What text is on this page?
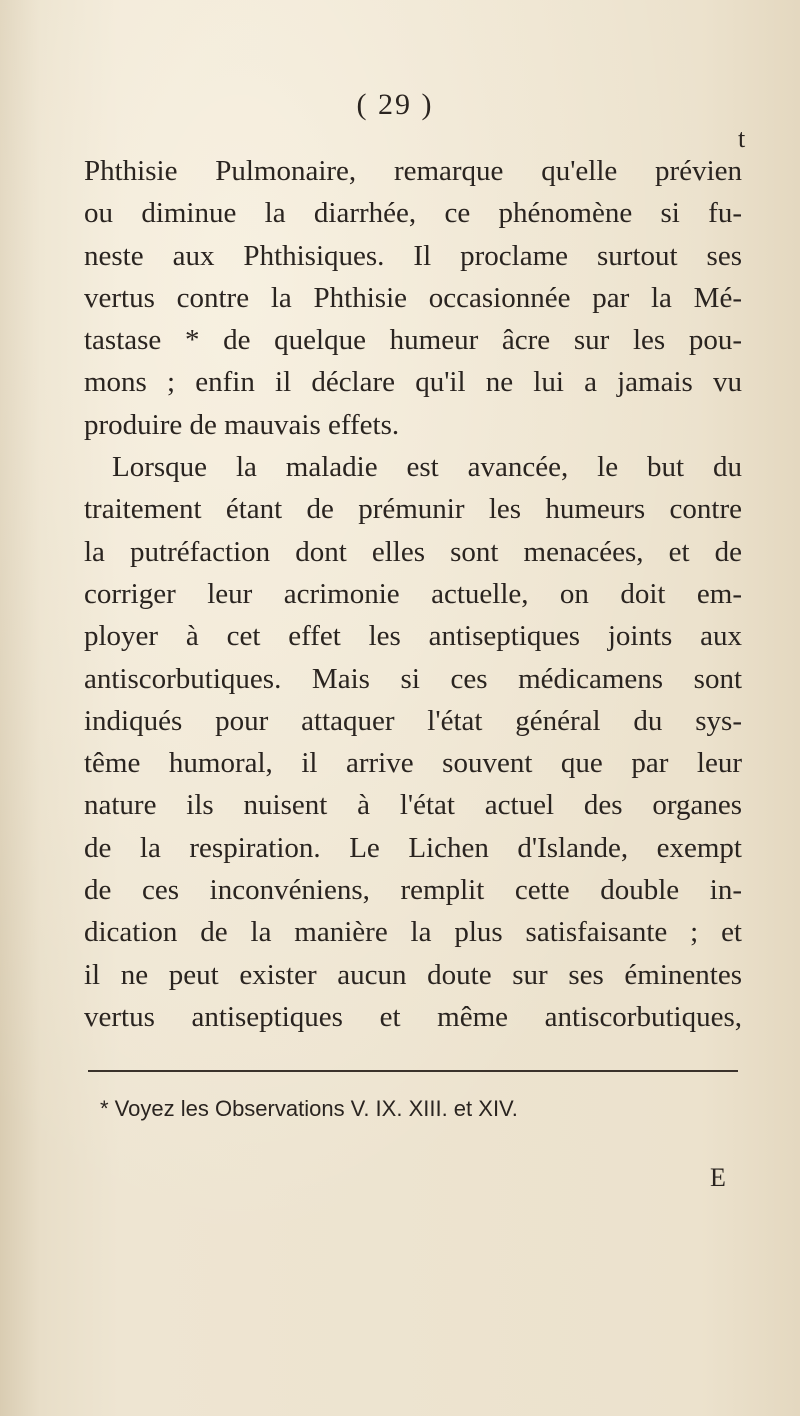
( 29 )
t
Phthisie Pulmonaire, remarque qu'elle prévien
ou diminue la diarrhée, ce phénomène si fu-
neste aux Phthisiques. Il proclame surtout ses
vertus contre la Phthisie occasionnée par la Mé-
tastase * de quelque humeur âcre sur les pou-
mons ; enfin il déclare qu'il ne lui a jamais vu
produire de mauvais effets.
Lorsque la maladie est avancée, le but du
traitement étant de prémunir les humeurs contre
la putréfaction dont elles sont menacées, et de
corriger leur acrimonie actuelle, on doit em-
ployer à cet effet les antiseptiques joints aux
antiscorbutiques. Mais si ces médicamens sont
indiqués pour attaquer l'état général du sys-
tême humoral, il arrive souvent que par leur
nature ils nuisent à l'état actuel des organes
de la respiration. Le Lichen d'Islande, exempt
de ces inconvéniens, remplit cette double in-
dication de la manière la plus satisfaisante ; et
il ne peut exister aucun doute sur ses éminentes
vertus antiseptiques et même antiscorbutiques,
* Voyez les Observations V. IX. XIII. et XIV.
E
